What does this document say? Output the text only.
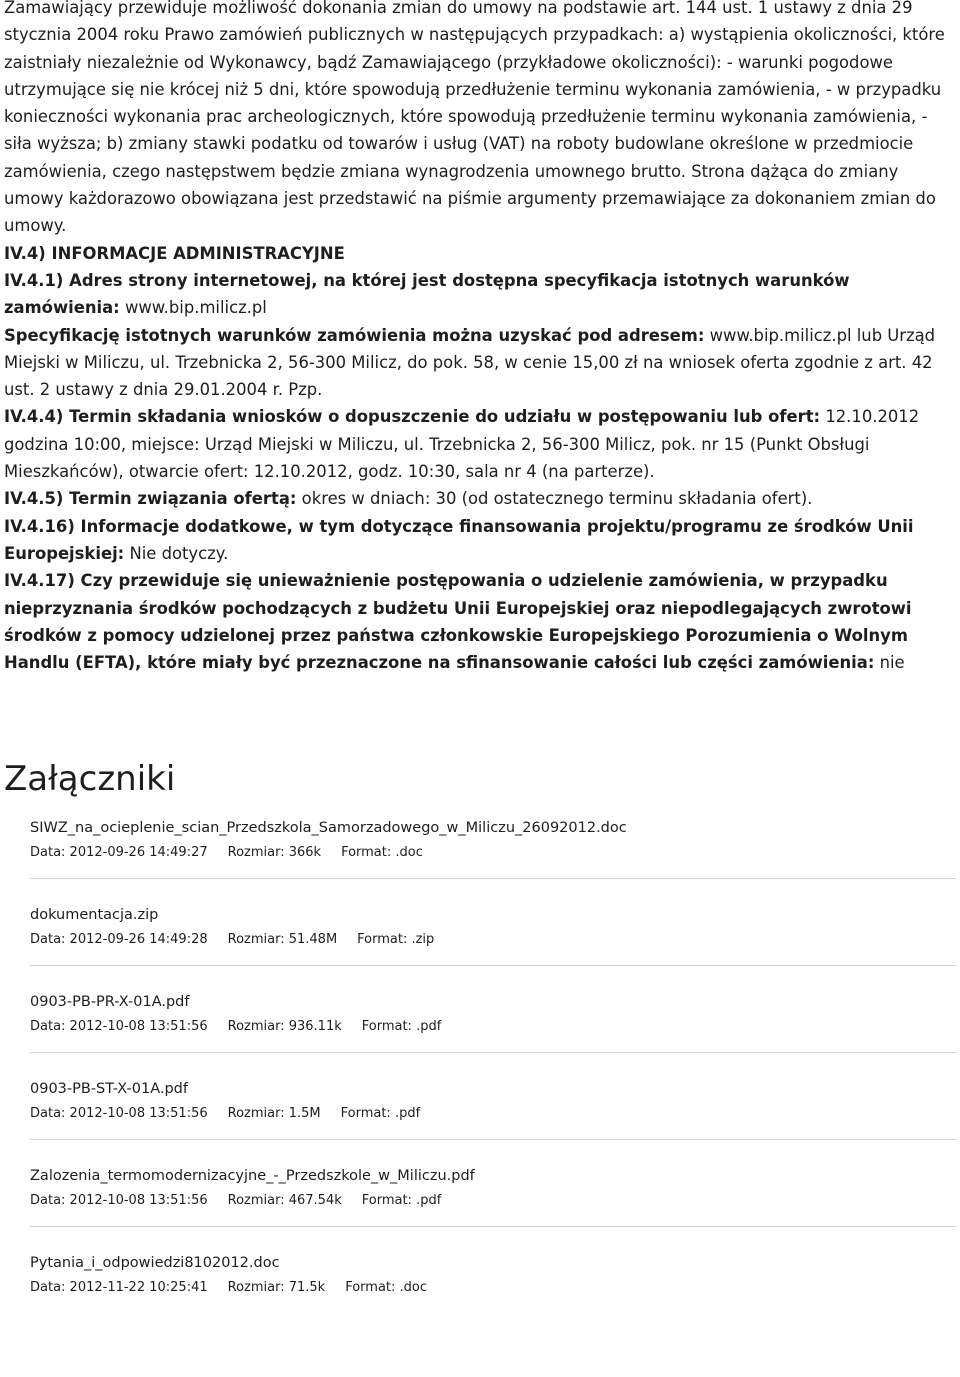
Zamawiający przewiduje możliwość dokonania zmian do umowy na podstawie art. 144 ust. 1 ustawy z dnia 29 stycznia 2004 roku Prawo zamówień publicznych w następujących przypadkach: a) wystąpienia okoliczności, które zaistniały niezależnie od Wykonawcy, bądź Zamawiającego (przykładowe okoliczności): - warunki pogodowe utrzymujące się nie krócej niż 5 dni, które spowodują przedłużenie terminu wykonania zamówienia, - w przypadku konieczności wykonania prac archeologicznych, które spowodują przedłużenie terminu wykonania zamówienia, - siła wyższa; b) zmiany stawki podatku od towarów i usług (VAT) na roboty budowlane określone w przedmiocie zamówienia, czego następstwem będzie zmiana wynagrodzenia umownego brutto. Strona dążąca do zmiany umowy każdorazowo obowiązana jest przedstawić na piśmie argumenty przemawiające za dokonaniem zmian do umowy.

IV.4) INFORMACJE ADMINISTRACYJNE

IV.4.1) Adres strony internetowej, na której jest dostępna specyfikacja istotnych warunków zamówienia: www.bip.milicz.pl

Specyfikację istotnych warunków zamówienia można uzyskać pod adresem: www.bip.milicz.pl lub Urząd Miejski w Miliczu, ul. Trzebnicka 2, 56-300 Milicz, do pok. 58, w cenie 15,00 zł na wniosek oferta zgodnie z art. 42 ust. 2 ustawy z dnia 29.01.2004 r. Pzp.

IV.4.4) Termin składania wniosków o dopuszczenie do udziału w postępowaniu lub ofert: 12.10.2012 godzina 10:00, miejsce: Urząd Miejski w Miliczu, ul. Trzebnicka 2, 56-300 Milicz, pok. nr 15 (Punkt Obsługi Mieszkańców), otwarcie ofert: 12.10.2012, godz. 10:30, sala nr 4 (na parterze).

IV.4.5) Termin związania ofertą: okres w dniach: 30 (od ostatecznego terminu składania ofert).

IV.4.16) Informacje dodatkowe, w tym dotyczące finansowania projektu/programu ze środków Unii Europejskiej: Nie dotyczy.

IV.4.17) Czy przewiduje się unieważnienie postępowania o udzielenie zamówienia, w przypadku nieprzyznania środków pochodzących z budżetu Unii Europejskiej oraz niepodlegających zwrotowi środków z pomocy udzielonej przez państwa członkowskie Europejskiego Porozumienia o Wolnym Handlu (EFTA), które miały być przeznaczone na sfinansowanie całości lub części zamówienia: nie

Załączniki
SIWZ_na_ocieplenie_scian_Przedszkola_Samorzadowego_w_Miliczu_26092012.doc
Data: 2012-09-26 14:49:27 Rozmiar: 366k Format: .doc
dokumentacja.zip
Data: 2012-09-26 14:49:28 Rozmiar: 51.48M Format: .zip
0903-PB-PR-X-01A.pdf
Data: 2012-10-08 13:51:56 Rozmiar: 936.11k Format: .pdf
0903-PB-ST-X-01A.pdf
Data: 2012-10-08 13:51:56 Rozmiar: 1.5M Format: .pdf
Zalozenia_termomodernizacyjne_-_Przedszkole_w_Miliczu.pdf
Data: 2012-10-08 13:51:56 Rozmiar: 467.54k Format: .pdf
Pytania_i_odpowiedzi8102012.doc
Data: 2012-11-22 10:25:41 Rozmiar: 71.5k Format: .doc
